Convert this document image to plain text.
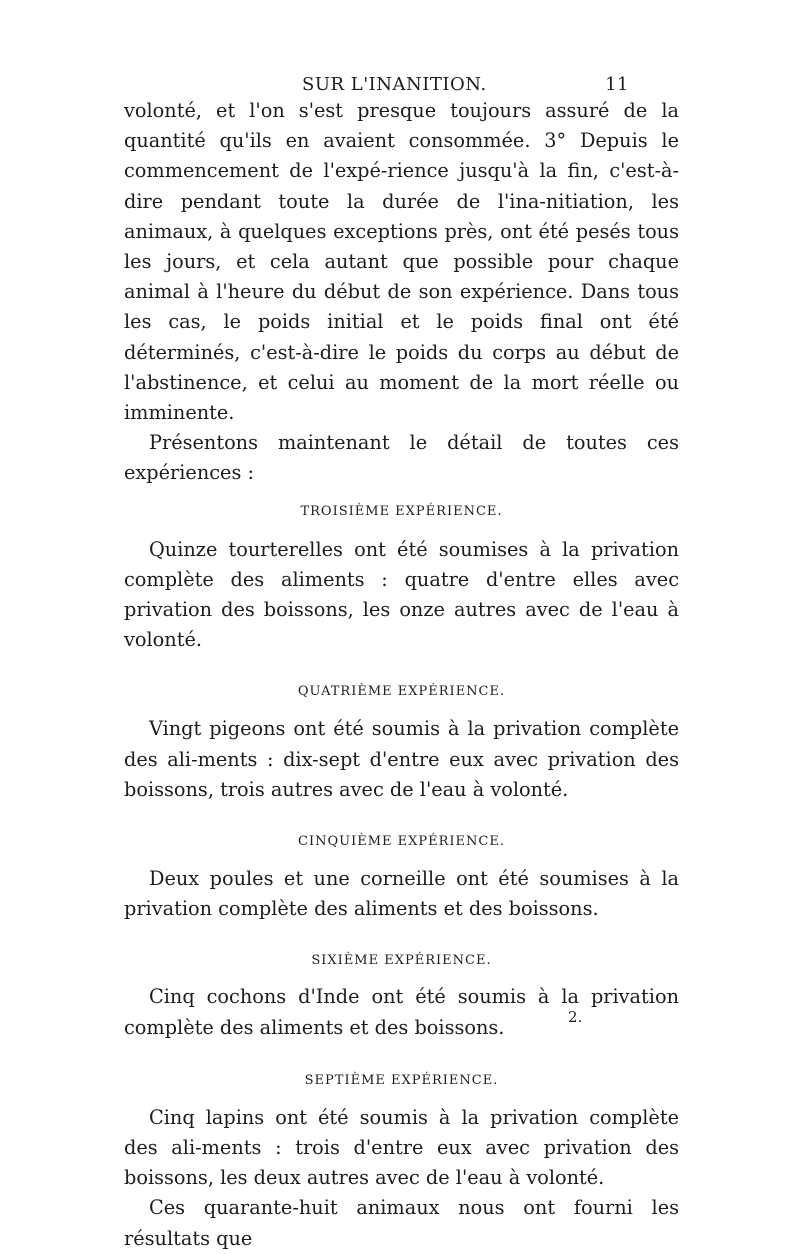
SUR L'INANITION.	11

volonté, et l'on s'est presque toujours assuré de la quantité qu'ils en avaient consommée. 3° Depuis le commencement de l'expé-rience jusqu'à la fin, c'est-à-dire pendant toute la durée de l'ina-nitiation, les animaux, à quelques exceptions près, ont été pesés tous les jours, et cela autant que possible pour chaque animal à l'heure du début de son expérience. Dans tous les cas, le poids initial et le poids final ont été déterminés, c'est-à-dire le poids du corps au début de l'abstinence, et celui au moment de la mort réelle ou imminente.

Présentons maintenant le détail de toutes ces expériences :

TROISIÈME EXPÉRIENCE.

Quinze tourterelles ont été soumises à la privation complète des aliments : quatre d'entre elles avec privation des boissons, les onze autres avec de l'eau à volonté.

QUATRIÈME EXPÉRIENCE.

Vingt pigeons ont été soumis à la privation complète des ali-ments : dix-sept d'entre eux avec privation des boissons, trois autres avec de l'eau à volonté.

CINQUIÈME EXPÉRIENCE.

Deux poules et une corneille ont été soumises à la privation complète des aliments et des boissons.

SIXIÈME EXPÉRIENCE.

Cinq cochons d'Inde ont été soumis à la privation complète des aliments et des boissons.

SEPTIÈME EXPÉRIENCE.

Cinq lapins ont été soumis à la privation complète des ali-ments : trois d'entre eux avec privation des boissons, les deux autres avec de l'eau à volonté.

Ces quarante-huit animaux nous ont fourni les résultats que

2.
